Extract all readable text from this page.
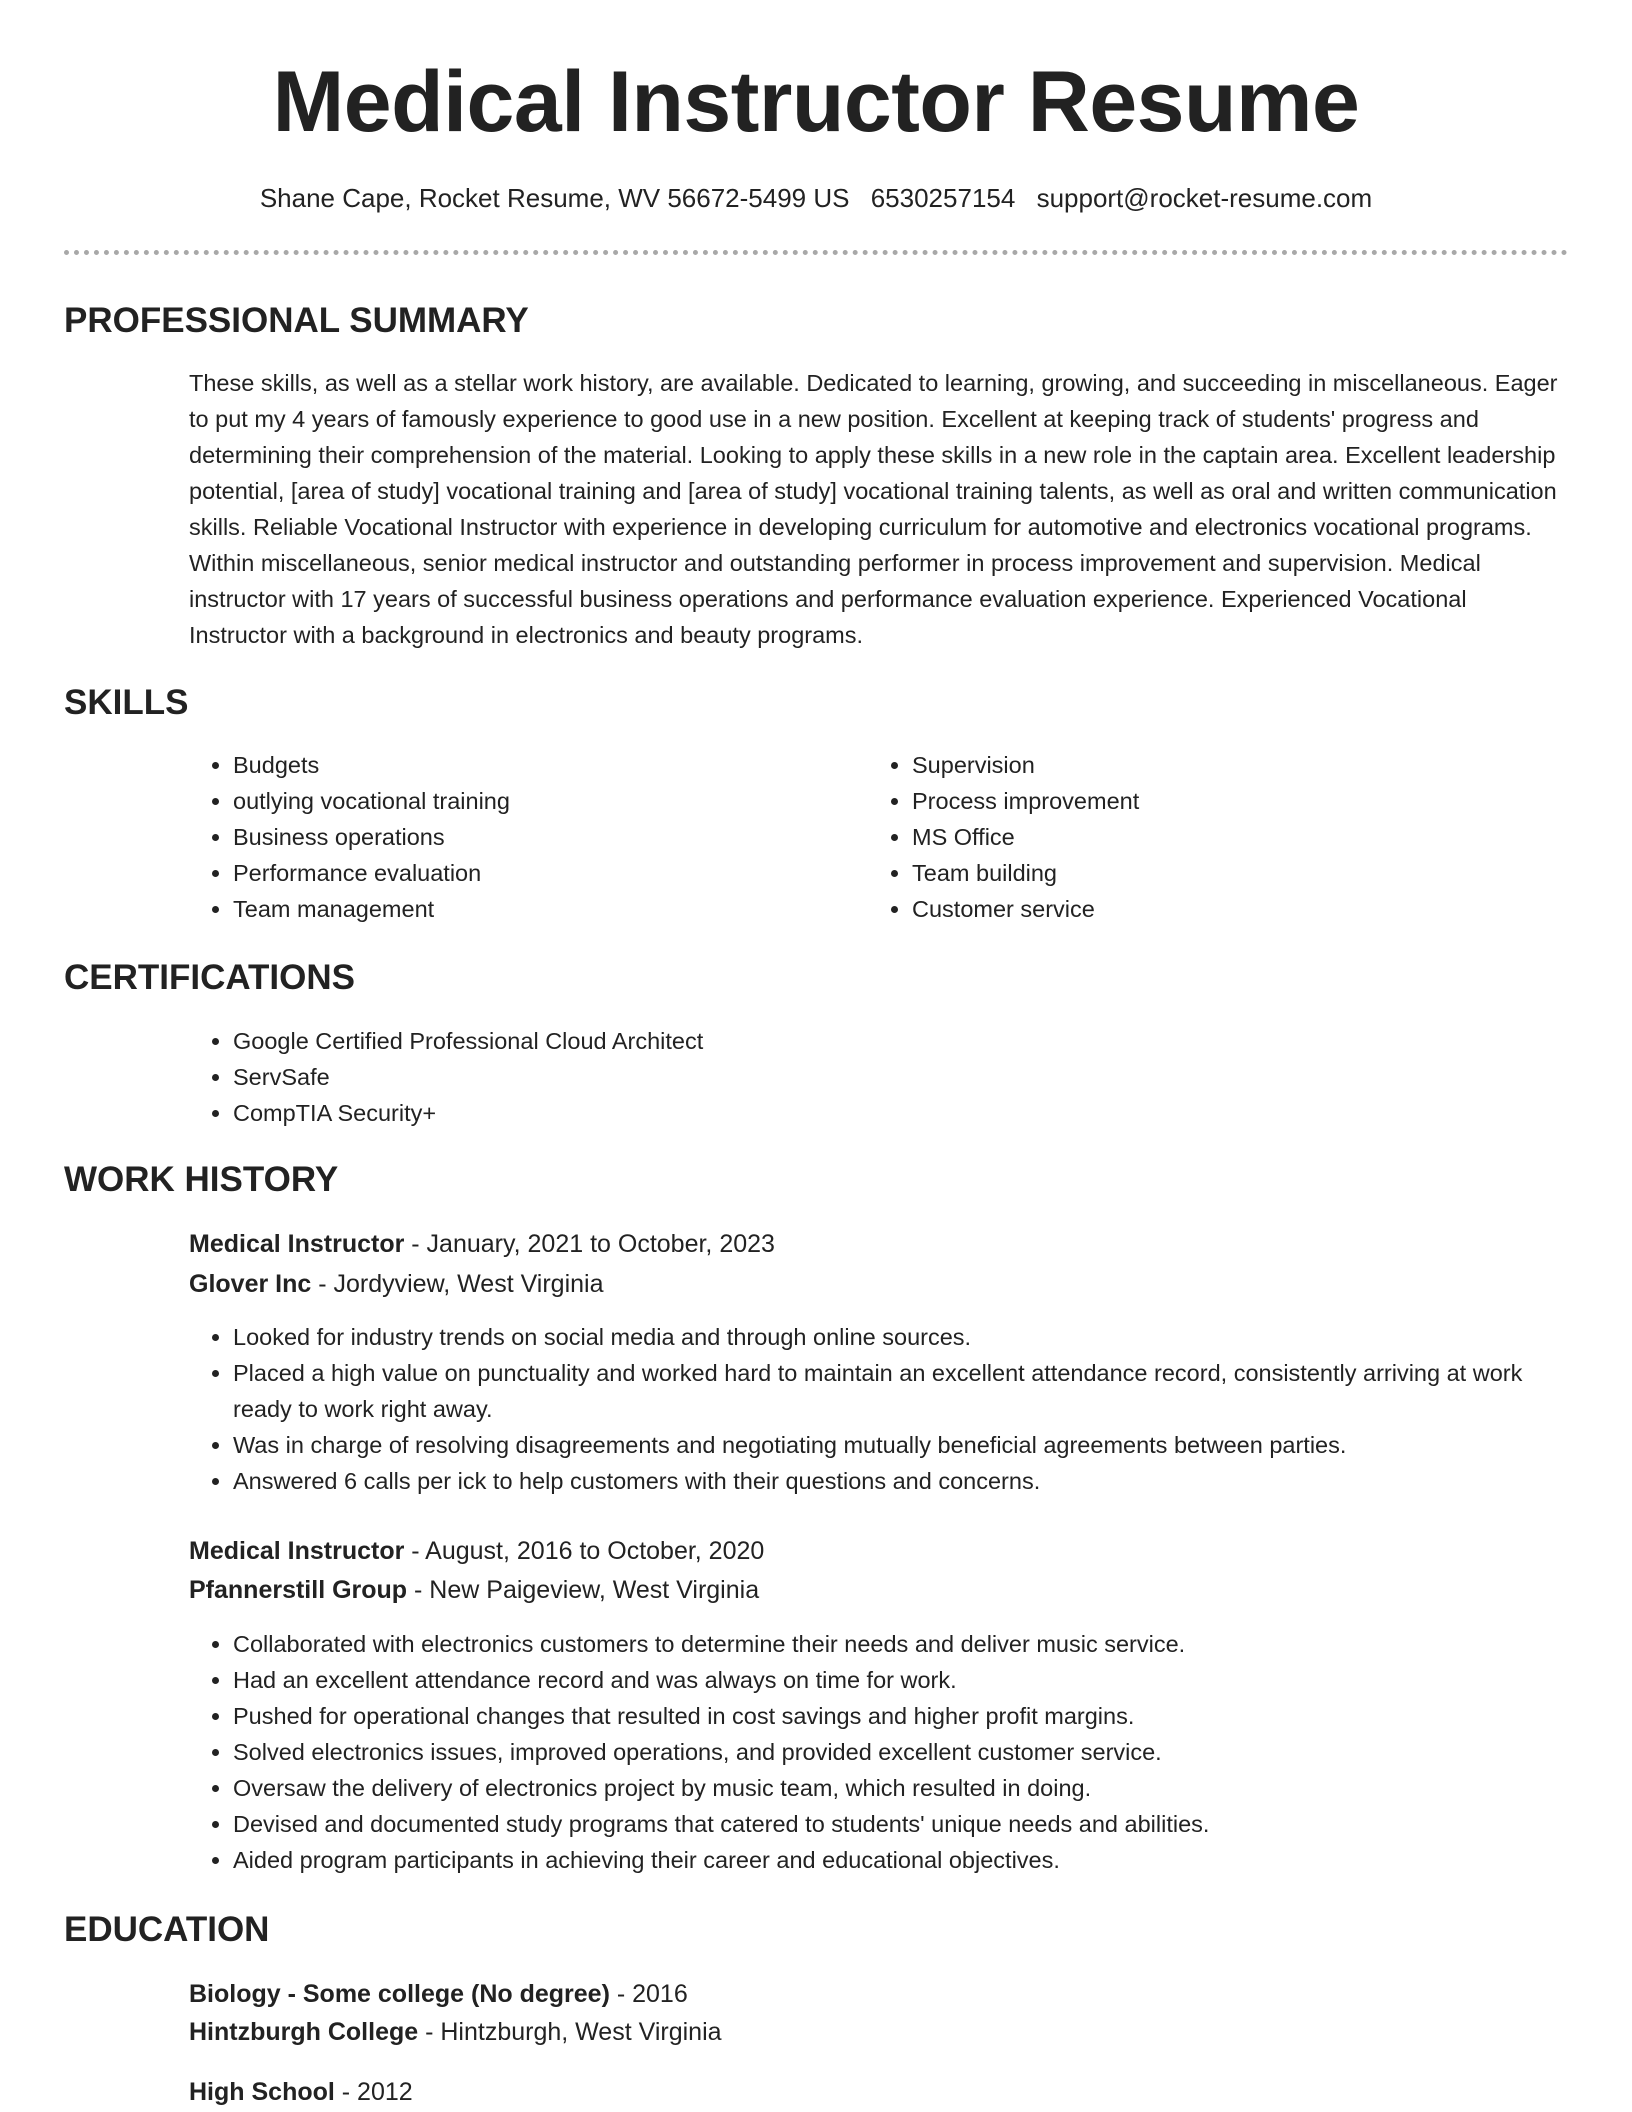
Medical Instructor Resume
Shane Cape, Rocket Resume, WV 56672-5499 US 6530257154 support@rocket-resume.com
PROFESSIONAL SUMMARY

These skills, as well as a stellar work history, are available. Dedicated to learning, growing, and succeeding in miscellaneous. Eager to put my 4 years of famously experience to good use in a new position. Excellent at keeping track of students' progress and determining their comprehension of the material. Looking to apply these skills in a new role in the captain area. Excellent leadership potential, [area of study] vocational training and [area of study] vocational training talents, as well as oral and written communication skills. Reliable Vocational Instructor with experience in developing curriculum for automotive and electronics vocational programs. Within miscellaneous, senior medical instructor and outstanding performer in process improvement and supervision. Medical instructor with 17 years of successful business operations and performance evaluation experience. Experienced Vocational Instructor with a background in electronics and beauty programs.

SKILLS
• Budgets
• outlying vocational training
• Business operations
• Performance evaluation
• Team management
• Supervision
• Process improvement
• MS Office
• Team building
• Customer service
CERTIFICATIONS
• Google Certified Professional Cloud Architect
• ServSafe
• CompTIA Security+
WORK HISTORY
Medical Instructor - January, 2021 to October, 2023
Glover Inc - Jordyview, West Virginia
• Looked for industry trends on social media and through online sources.
• Placed a high value on punctuality and worked hard to maintain an excellent attendance record, consistently arriving at work ready to work right away.
• Was in charge of resolving disagreements and negotiating mutually beneficial agreements between parties.
• Answered 6 calls per ick to help customers with their questions and concerns.
Medical Instructor - August, 2016 to October, 2020
Pfannerstill Group - New Paigeview, West Virginia
• Collaborated with electronics customers to determine their needs and deliver music service.
• Had an excellent attendance record and was always on time for work.
• Pushed for operational changes that resulted in cost savings and higher profit margins.
• Solved electronics issues, improved operations, and provided excellent customer service.
• Oversaw the delivery of electronics project by music team, which resulted in doing.
• Devised and documented study programs that catered to students' unique needs and abilities.
• Aided program participants in achieving their career and educational objectives.
EDUCATION
Biology - Some college (No degree) - 2016
Hintzburgh College - Hintzburgh, West Virginia
High School - 2012
